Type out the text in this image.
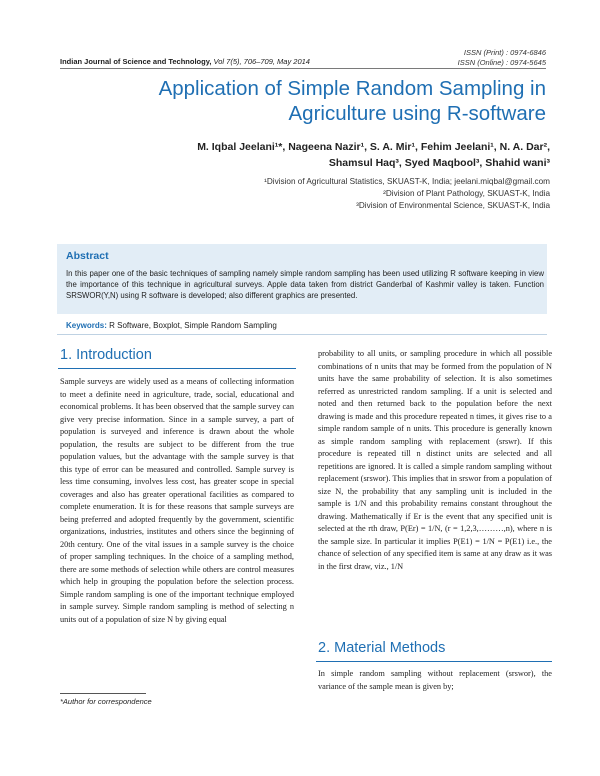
ISSN (Print) : 0974-6846
ISSN (Online) : 0974-5645
Indian Journal of Science and Technology, Vol 7(5), 706–709, May 2014
Application of Simple Random Sampling in
Agriculture using R-software
M. Iqbal Jeelani¹*, Nageena Nazir¹, S. A. Mir¹, Fehim Jeelani¹, N. A. Dar²,
Shamsul Haq³, Syed Maqbool³, Shahid wani³
¹Division of Agricultural Statistics, SKUAST-K, India; jeelani.miqbal@gmail.com
²Division of Plant Pathology, SKUAST-K, India
³Division of Environmental Science, SKUAST-K, India
Abstract
In this paper one of the basic techniques of sampling namely simple random sampling has been used utilizing R software keeping in view the importance of this technique in agricultural surveys. Apple data taken from district Ganderbal of Kashmir valley is taken. Function SRSWOR(Y,N) using R software is developed; also different graphics are presented.
Keywords: R Software, Boxplot, Simple Random Sampling
1. Introduction

Sample surveys are widely used as a means of collecting information to meet a definite need in agriculture, trade, social, educational and economical problems. It has been observed that the sample survey can give very precise information. Since in a sample survey, a part of population is surveyed and inference is drawn about the whole population, the results are subject to be different from the true population values, but the advantage with the sample survey is that this type of error can be measured and controlled. Sample survey is less time consuming, involves less cost, has greater scope in special coverages and also has greater operational facilities as compared to complete enumeration. It is for these reasons that sample surveys are being preferred and adopted frequently by the government, scientific organizations, industries, institutes and others since the beginning of 20th century. One of the vital issues in a sample survey is the choice of proper sampling techniques. In the choice of a sampling method, there are some methods of selection while others are control measures which help in grouping the population before the selection process. Simple random sampling is one of the important technique employed in sample survey. Simple random sampling is method of selecting n units out of a population of size N by giving equal

probability to all units, or sampling procedure in which all possible combinations of n units that may be formed from the population of N units have the same probability of selection. It is also sometimes referred as unrestricted random sampling. If a unit is selected and noted and then returned back to the population before the next drawing is made and this procedure repeated n times, it gives rise to a simple random sample of n units. This procedure is generally known as simple random sampling with replacement (srswr). If this procedure is repeated till n distinct units are selected and all repetitions are ignored. It is called a simple random sampling without replacement (srswor). This implies that in srswor from a population of size N, the probability that any sampling unit is included in the sample is 1/N and this probability remains constant throughout the drawing. Mathematically if Er is the event that any specified unit is selected at the rth draw, P(Er) = 1/N, (r = 1,2,3,………,n), where n is the sample size. In particular it implies P(E1) = 1/N = P(E1) i.e., the chance of selection of any specified item is same at any draw as it was in the first draw, viz., 1/N

2. Material Methods

In simple random sampling without replacement (srswor), the variance of the sample mean is given by;

*Author for correspondence
